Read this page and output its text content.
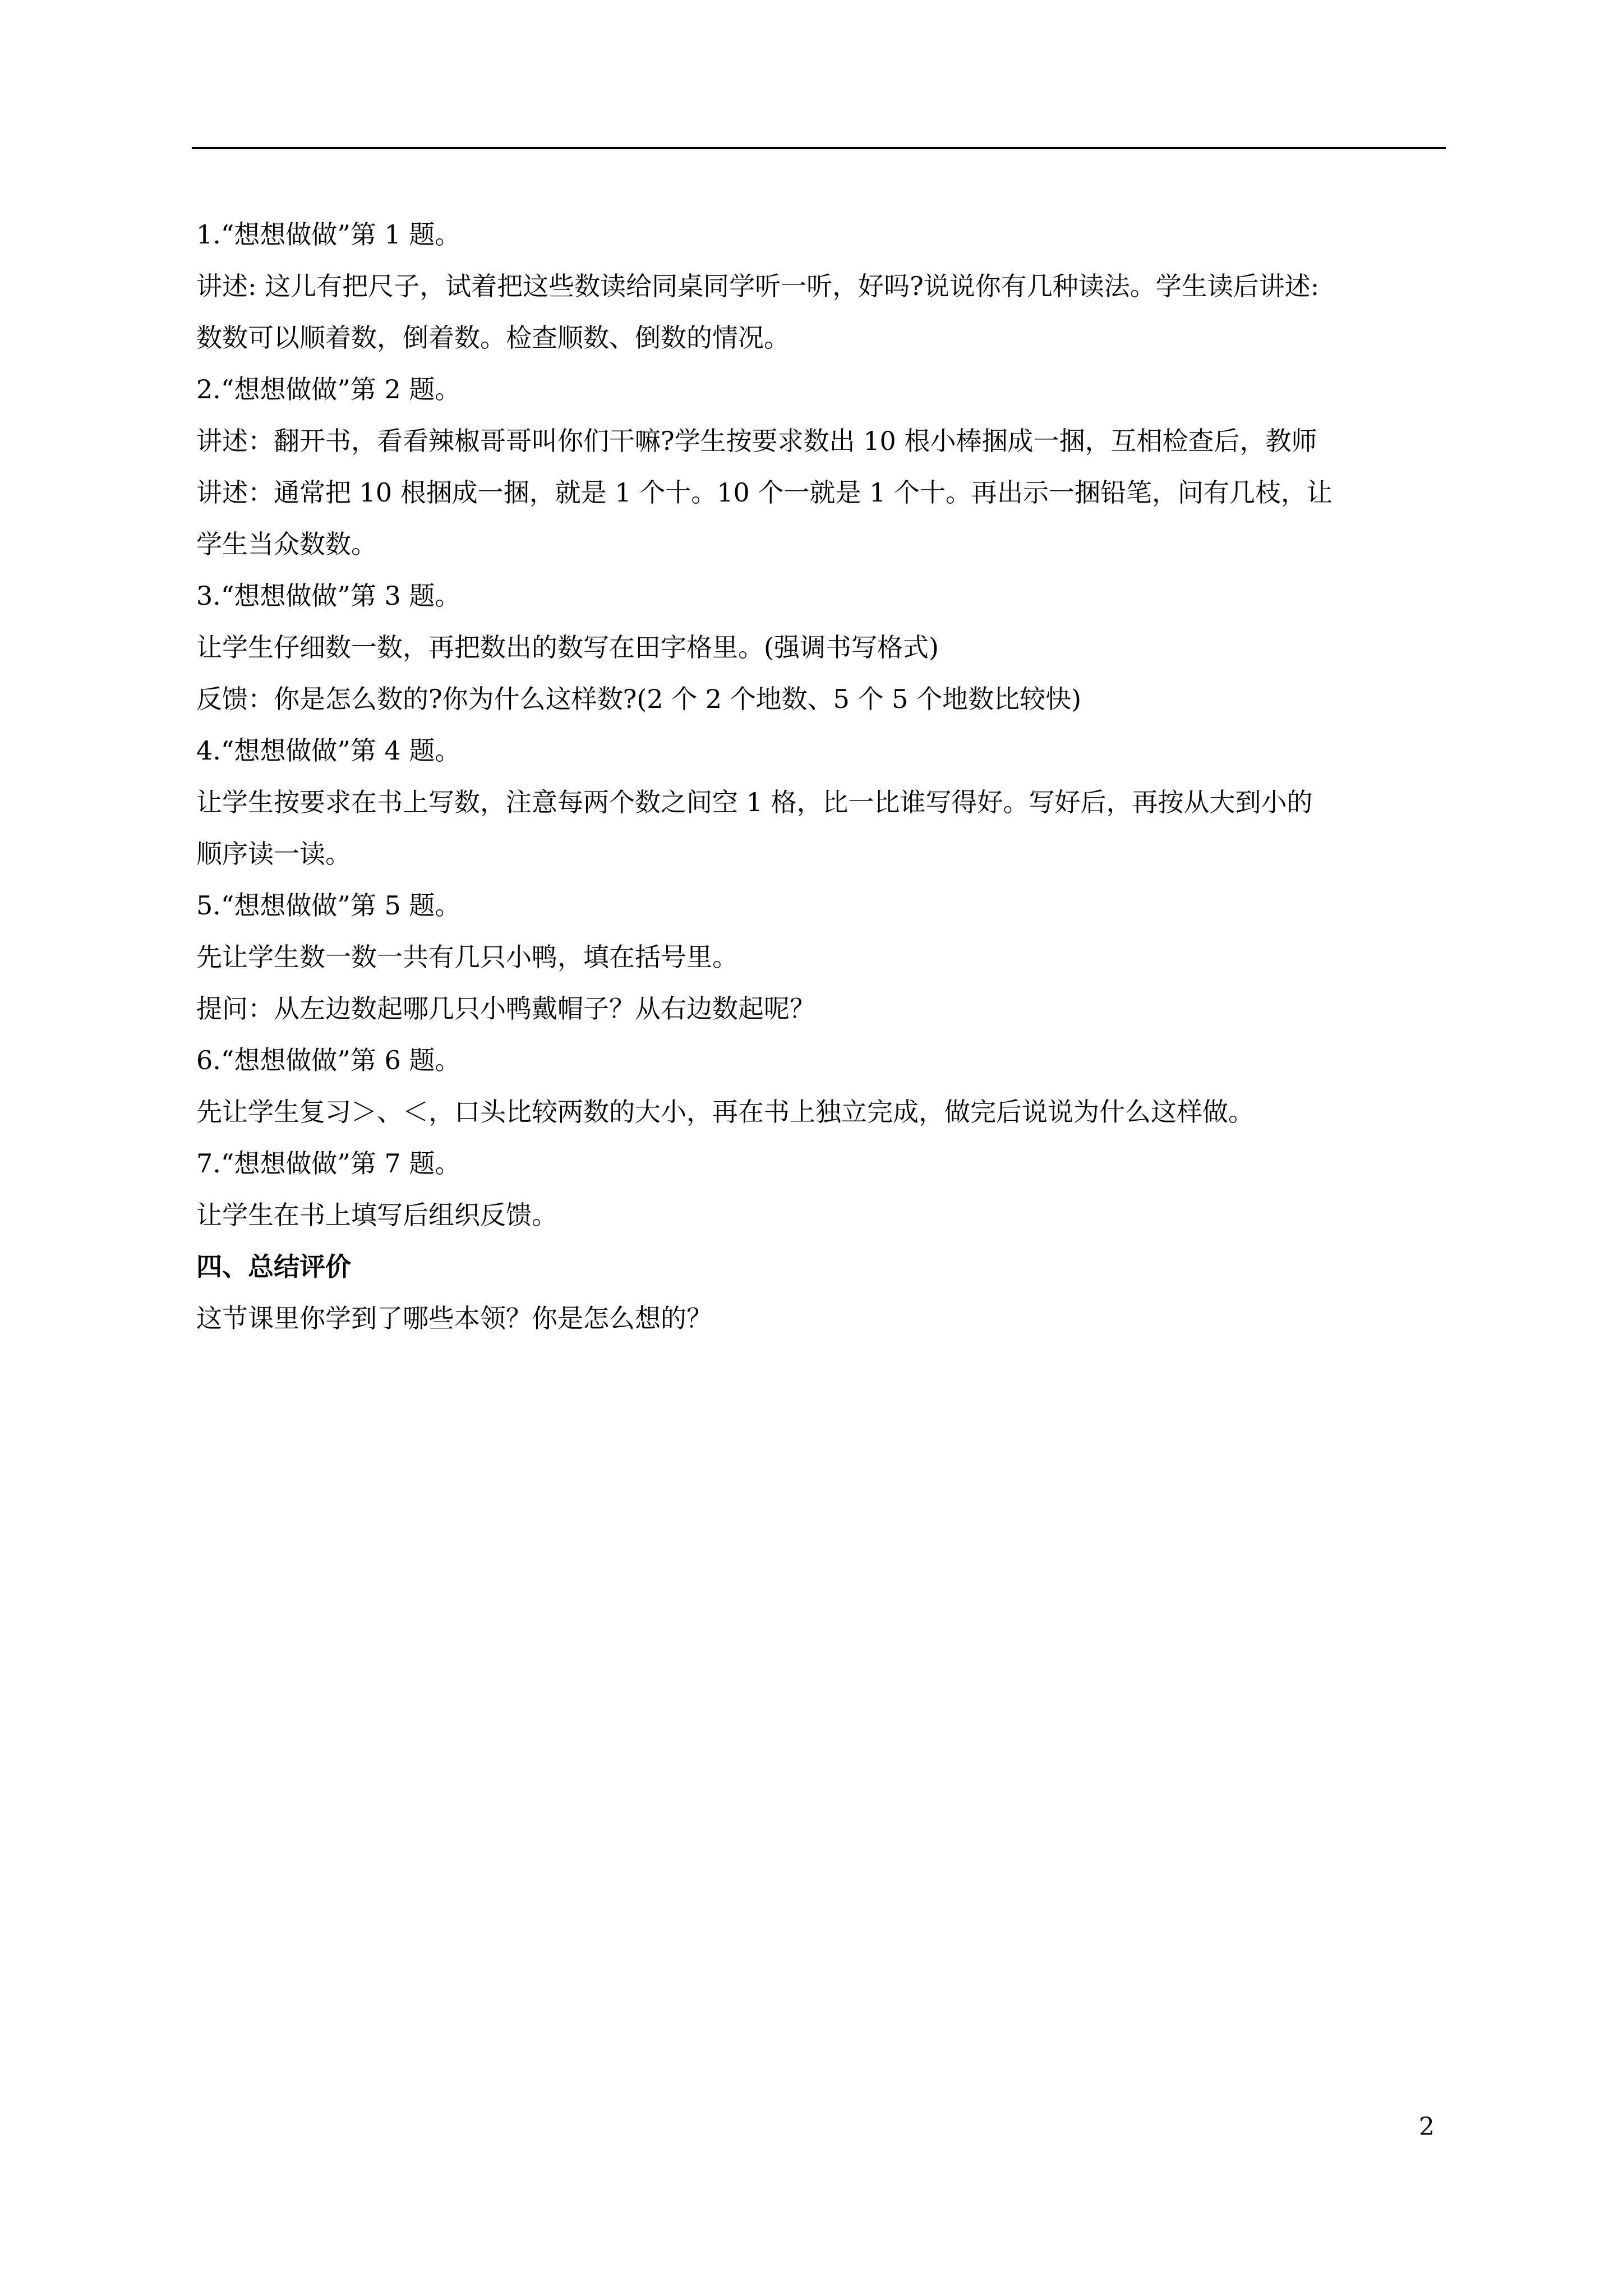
1.“想想做做”第 1 题。

讲述: 这儿有把尺子，试着把这些数读给同桌同学听一听，好吗?说说你有几种读法。学生读后讲述:

数数可以顺着数，倒着数。检查顺数、倒数的情况。

2.“想想做做”第 2 题。

讲述：翻开书，看看辣椒哥哥叫你们干嘛?学生按要求数出 10 根小棒捆成一捆，互相检查后，教师

讲述：通常把 10 根捆成一捆，就是 1 个十。10 个一就是 1 个十。再出示一捆铅笔，问有几枝，让

学生当众数数。

3.“想想做做”第 3 题。

让学生仔细数一数，再把数出的数写在田字格里。(强调书写格式)

反馈：你是怎么数的?你为什么这样数?(2 个 2 个地数、5 个 5 个地数比较快)

4.“想想做做”第 4 题。

让学生按要求在书上写数，注意每两个数之间空 1 格，比一比谁写得好。写好后，再按从大到小的

顺序读一读。

5.“想想做做”第 5 题。

先让学生数一数一共有几只小鸭，填在括号里。

提问：从左边数起哪几只小鸭戴帽子？从右边数起呢？

6.“想想做做”第 6 题。

先让学生复习＞、＜，口头比较两数的大小，再在书上独立完成，做完后说说为什么这样做。

7.“想想做做”第 7 题。

让学生在书上填写后组织反馈。

四、总结评价

这节课里你学到了哪些本领？你是怎么想的？

2
